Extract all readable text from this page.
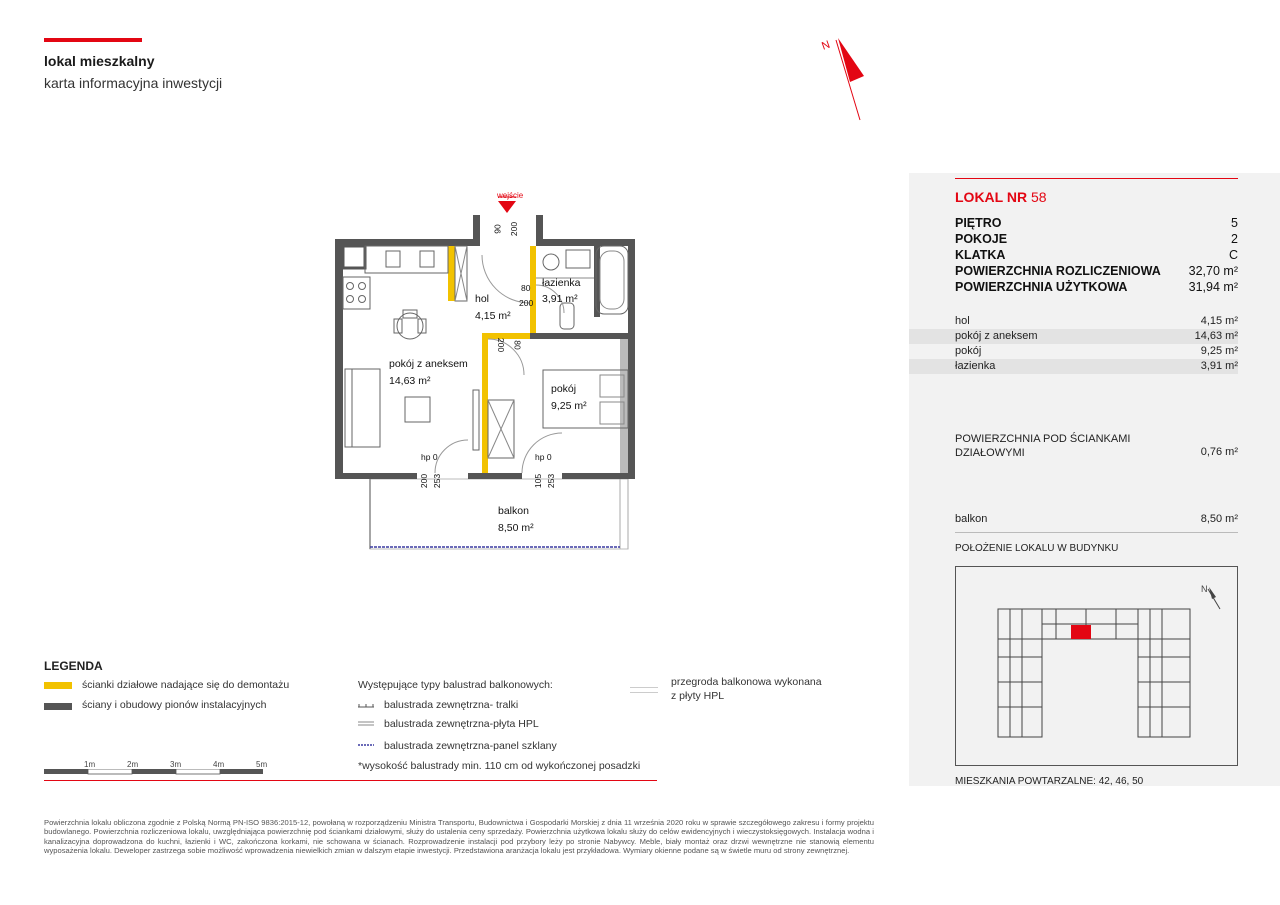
lokal mieszkalny
karta informacyjna inwestycji
N
wejście
90 200
hol
4,15 m²
80
200
łazienka
3,91 m²
200 80
pokój z aneksem
14,63 m²
pokój
9,25 m²
hp 0
200 253
hp 0
105 253
balkon
8,50 m²
LOKAL NR 58
PIĘTRO	5
POKOJE	2
KLATKA	C
POWIERZCHNIA ROZLICZENIOWA 32,70 m²
POWIERZCHNIA UŻYTKOWA	31,94 m²
hol	4,15 m²
pokój z aneksem	14,63 m²
pokój	9,25 m²
łazienka	3,91 m²
POWIERZCHNIA POD ŚCIANKAMI
DZIAŁOWYMI	0,76 m²
balkon	8,50 m²
POŁOŻENIE LOKALU W BUDYNKU
N
MIESZKANIA POWTARZALNE: 42, 46, 50
LEGENDA
ścianki działowe nadające się do demontażu
ściany i obudowy pionów instalacyjnych
Występujące typy balustrad balkonowych:
balustrada zewnętrzna- tralki
balustrada zewnętrzna-płyta HPL
balustrada zewnętrzna-panel szklany
*wysokość balustrady min. 110 cm od wykończonej posadzki
przegroda balkonowa wykonana
z płyty HPL
1m	2m	3m	4m	5m
Powierzchnia lokalu obliczona zgodnie z Polską Normą PN-ISO 9836:2015-12, powołaną w rozporządzeniu Ministra Transportu, Budownictwa i Gospodarki Morskiej z dnia 11 września 2020 roku w sprawie szczegółowego zakresu i formy projektu budowlanego. Powierzchnia rozliczeniowa lokalu, uwzględniająca powierzchnię pod ściankami działowymi, służy do ustalenia ceny sprzedaży. Powierzchnia użytkowa lokalu służy do celów ewidencyjnych i wieczystoksięgowych. Instalacja wodna i kanalizacyjna doprowadzona do kuchni, łazienki i WC, zakończona korkami, nie schowana w ścianach. Rozprowadzenie instalacji pod przybory leży po stronie Nabywcy. Meble, biały montaż oraz drzwi wewnętrzne nie stanowią elementu wyposażenia lokalu. Deweloper zastrzega sobie możliwość wprowadzenia niewielkich zmian w dalszym etapie inwestycji. Przedstawiona aranżacja lokalu jest przykładowa. Wymiary okienne podane są w świetle muru od strony zewnętrznej.
